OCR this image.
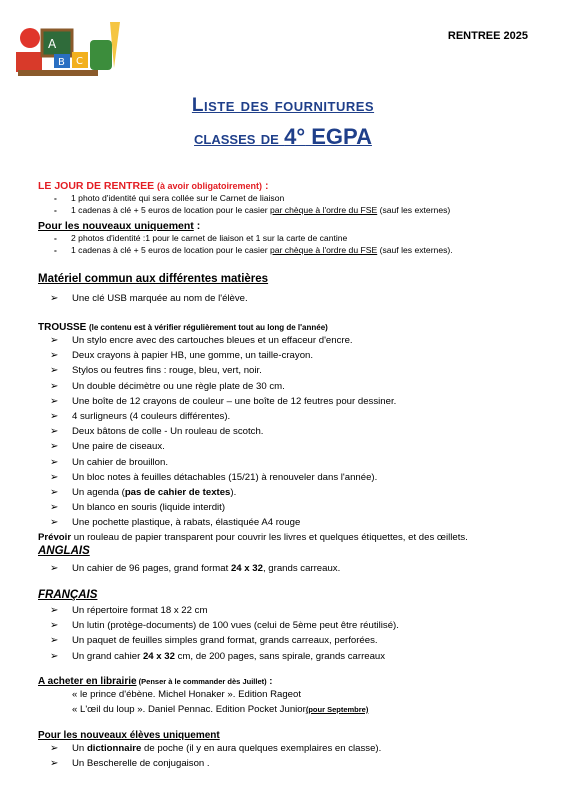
A
B C
RENTREE 2025
Liste des fournitures
classes de 4° EGPA
LE JOUR DE RENTREE (à avoir obligatoirement) :
- 1 photo d'identité qui sera collée sur le Carnet de liaison
- 1 cadenas à clé + 5 euros de location pour le casier par chèque à l'ordre du FSE (sauf les externes)
Pour les nouveaux uniquement :
- 2 photos d'identité :1 pour le carnet de liaison et 1 sur la carte de cantine
- 1 cadenas à clé + 5 euros de location pour le casier par chèque à l'ordre du FSE (sauf les externes).
Matériel commun aux différentes matières
➢ Une clé USB marquée au nom de l'élève.
TROUSSE (le contenu est à vérifier régulièrement tout au long de l'année)
➢ Un stylo encre avec des cartouches bleues et un effaceur d'encre.
➢ Deux crayons à papier HB, une gomme, un taille-crayon.
➢ Stylos ou feutres fins : rouge, bleu, vert, noir.
➢ Un double décimètre ou une règle plate de 30 cm.
➢ Une boîte de 12 crayons de couleur – une boîte de 12 feutres pour dessiner.
➢ 4 surligneurs (4 couleurs différentes).
➢ Deux bâtons de colle - Un rouleau de scotch.
➢ Une paire de ciseaux.
➢ Un cahier de brouillon.
➢ Un bloc notes à feuilles détachables (15/21) à renouveler dans l'année).
➢ Un agenda (pas de cahier de textes).
➢ Un blanco en souris (liquide interdit)
➢ Une pochette plastique, à rabats, élastiquée A4 rouge
Prévoir un rouleau de papier transparent pour couvrir les livres et quelques étiquettes, et des œillets.
ANGLAIS
➢ Un cahier de 96 pages, grand format 24 x 32, grands carreaux.
FRANÇAIS
➢ Un répertoire format 18 x 22 cm
➢ Un lutin (protège-documents) de 100 vues (celui de 5ème peut être réutilisé).
➢ Un paquet de feuilles simples grand format, grands carreaux, perforées.
➢ Un grand cahier 24 x 32 cm, de 200 pages, sans spirale, grands carreaux
A acheter en librairie (Penser à le commander dès Juillet) :
« le prince d'ébène. Michel Honaker ». Edition Rageot
« L'œil du loup ». Daniel Pennac. Edition Pocket Junior(pour Septembre)
Pour les nouveaux élèves uniquement
➢ Un dictionnaire de poche (il y en aura quelques exemplaires en classe).
➢ Un Bescherelle de conjugaison .
